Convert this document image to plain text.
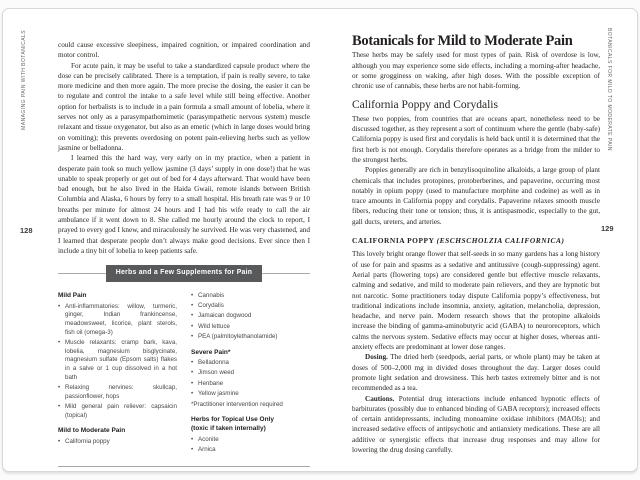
MANAGING PAIN WITH BOTANICALS
128
BOTANICALS FOR MILD TO MODERATE PAIN
129

could cause excessive sleepiness, impaired cognition, or impaired coordination and motor control.

For acute pain, it may be useful to take a standardized capsule product where the dose can be precisely calibrated. There is a temptation, if pain is really severe, to take more medicine and then more again. The more precise the dosing, the easier it can be to regulate and control the intake to a safe level while still being effective. Another option for herbalists is to include in a pain formula a small amount of lobelia, where it serves not only as a parasympathomimetic (parasympathetic nervous system) muscle relaxant and tissue oxygenator, but also as an emetic (which in large doses would bring on vomiting); this prevents overdosing on potent pain-relieving herbs such as yellow jasmine or belladonna.

I learned this the hard way, very early on in my practice, when a patient in desperate pain took so much yellow jasmine (3 days’ supply in one dose!) that he was unable to speak properly or get out of bed for 4 days afterward. That would have been bad enough, but he also lived in the Haida Gwaii, remote islands between British Columbia and Alaska, 6 hours by ferry to a small hospital. His breath rate was 9 or 10 breaths per minute for almost 24 hours and I had his wife ready to call the air ambulance if it went down to 8. She called me hourly around the clock to report, I prayed to every god I knew, and miraculously he survived. He was very chastened, and I learned that desperate people don’t always make good decisions. Ever since then I include a tiny bit of lobelia to keep patients safe.

Herbs and a Few Supplements for Pain
Mild Pain
• Anti-inflammatories: willow, turmeric, ginger, Indian frankincense, meadowsweet, licorice, plant sterols, fish oil (omega-3)
• Muscle relaxants: cramp bark, kava, lobelia, magnesium bisglycinate, magnesium sulfate (Epsom salts) flakes in a salve or 1 cup dissolved in a hot bath
• Relaxing nervines: skullcap, passionflower, hops
• Mild general pain reliever: capsaicin (topical)
Mild to Moderate Pain
• California poppy
• Cannabis
• Corydalis
• Jamaican dogwood
• Wild lettuce
• PEA (palmitoylethanolamide)
Severe Pain*
• Belladonna
• Jimson weed
• Henbane
• Yellow jasmine
*Practitioner intervention required
Herbs for Topical Use Only
(toxic if taken internally)
• Aconite
• Arnica
Botanicals for Mild to Moderate Pain

These herbs may be safely used for most types of pain. Risk of overdose is low, although you may experience some side effects, including a morning-after headache, or some grogginess on waking, after high doses. With the possible exception of chronic use of cannabis, these herbs are not habit-forming.

California Poppy and Corydalis

These two poppies, from countries that are oceans apart, nonetheless need to be discussed together, as they represent a sort of continuum where the gentle (baby-safe) California poppy is used first and corydalis is held back until it is determined that the first herb is not enough. Corydalis therefore operates as a bridge from the milder to the strongest herbs.

Poppies generally are rich in benzylisoquinoline alkaloids, a large group of plant chemicals that includes protopines, protoberberines, and papaverine, occurring most notably in opium poppy (used to manufacture morphine and codeine) as well as in trace amounts in California poppy and corydalis. Papaverine relaxes smooth muscle fibers, reducing their tone or tension; thus, it is antispasmodic, especially to the gut, gall ducts, ureters, and arteries.

CALIFORNIA POPPY (ESCHSCHOLZIA CALIFORNICA)

This lovely bright orange flower that self-seeds in so many gardens has a long history of use for pain and spasms as a sedative and antitussive (cough-suppressing) agent. Aerial parts (flowering tops) are considered gentle but effective muscle relaxants, calming and sedative, and mild to moderate pain relievers, and they are hypnotic but not narcotic. Some practitioners today dispute California poppy’s effectiveness, but traditional indications include insomnia, anxiety, agitation, melancholia, depression, headache, and nerve pain. Modern research shows that the protopine alkaloids increase the binding of gamma-aminobutyric acid (GABA) to neuroreceptors, which calms the nervous system. Sedative effects may occur at higher doses, whereas anti-anxiety effects are predominant at lower dose ranges.

Dosing. The dried herb (seedpods, aerial parts, or whole plant) may be taken at doses of 500–2,000 mg in divided doses throughout the day. Larger doses could promote light sedation and drowsiness. This herb tastes extremely bitter and is not recommended as a tea.

Cautions. Potential drug interactions include enhanced hypnotic effects of barbiturates (possibly due to enhanced binding of GABA receptors); increased effects of certain antidepressants, including monoamine oxidase inhibitors (MAOIs); and increased sedative effects of antipsychotic and antianxiety medications. These are all additive or synergistic effects that increase drug responses and may allow for lowering the drug dosing carefully.
